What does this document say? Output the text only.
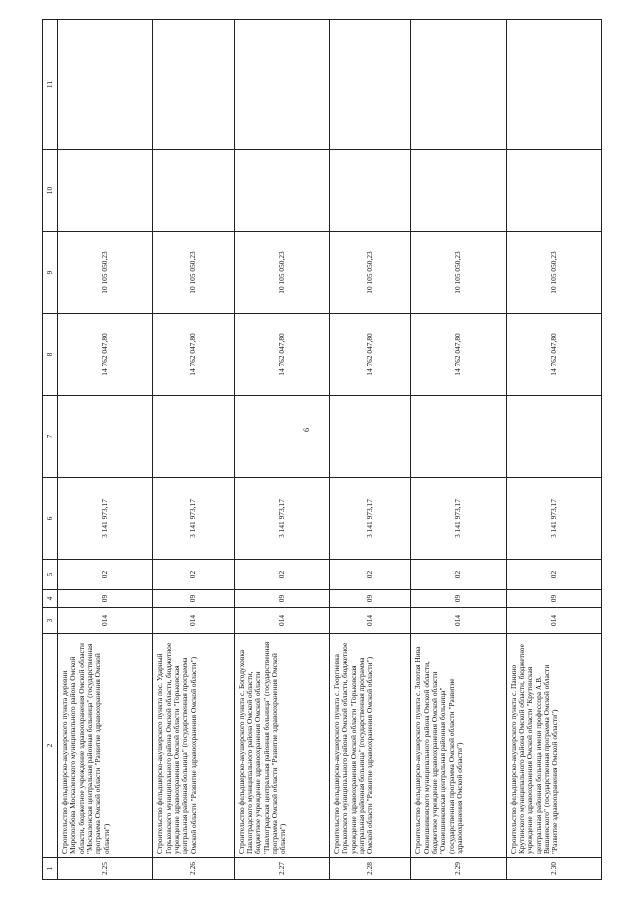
6
1	2	3	4	5	6	7	8	9	10	11
2.25	Строительство фельдшерско-акушерского пункта деревни Мирополбова Москаленского муниципального района Омской области, бюджетное учреждение здравоохранения Омской области "Москаленская центральная районная больница" (государственная программа Омской области "Развитие здравоохранения Омской области")	014	09	02	3 141 973,17		14 762 047,80	10 105 050,23		
2.26	Строительство фельдшерско-акушерского пункта пос. Ударный Горьковского муниципального района Омской области, бюджетное учреждение здравоохранения Омской области "Горьковская центральная районная больница" (государственная программа Омской области "Развитие здравоохранения Омской области")	014	09	02	3 141 973,17		14 762 047,80	10 105 050,23		
2.27	Строительство фельдшерско-акушерского пункта с. Богодуховка Павлоградского муниципального района Омской области, бюджетное учреждение здравоохранения Омской области "Павлоградская центральная районная больница" (государственная программа Омской области "Развитие здравоохранения Омской области")	014	09	02	3 141 973,17		14 762 047,80	10 105 050,23		
2.28	Строительство фельдшерско-акушерского пункта с. Георгиевка Горьковского муниципального района Омской области, бюджетное учреждение здравоохранения Омской области "Горьковская центральная районная больница" (государственная программа Омской области "Развитие здравоохранения Омской области")	014	09	02	3 141 973,17		14 762 047,80	10 105 050,23		
2.29	Строительство фельдшерско-акушерского пункта с. Золотая Нива Оконешниковского муниципального района Омской области, бюджетное учреждение здравоохранения Омской области "Оконешниковская центральная районная больница" (государственная программа Омской области "Развитие здравоохранения Омской области")	014	09	02	3 141 973,17		14 762 047,80	10 105 050,23		
2.30	Строительство фельдшерско-акушерского пункта с. Панино Крутинского муниципального района Омской области, бюджетное учреждение здравоохранения Омской области "Крутинская центральная районная больница имени профессора А.В. Вишневского" (государственная программа Омской области "Развитие здравоохранения Омской области")	014	09	02	3 141 973,17		14 762 047,80	10 105 050,23		
